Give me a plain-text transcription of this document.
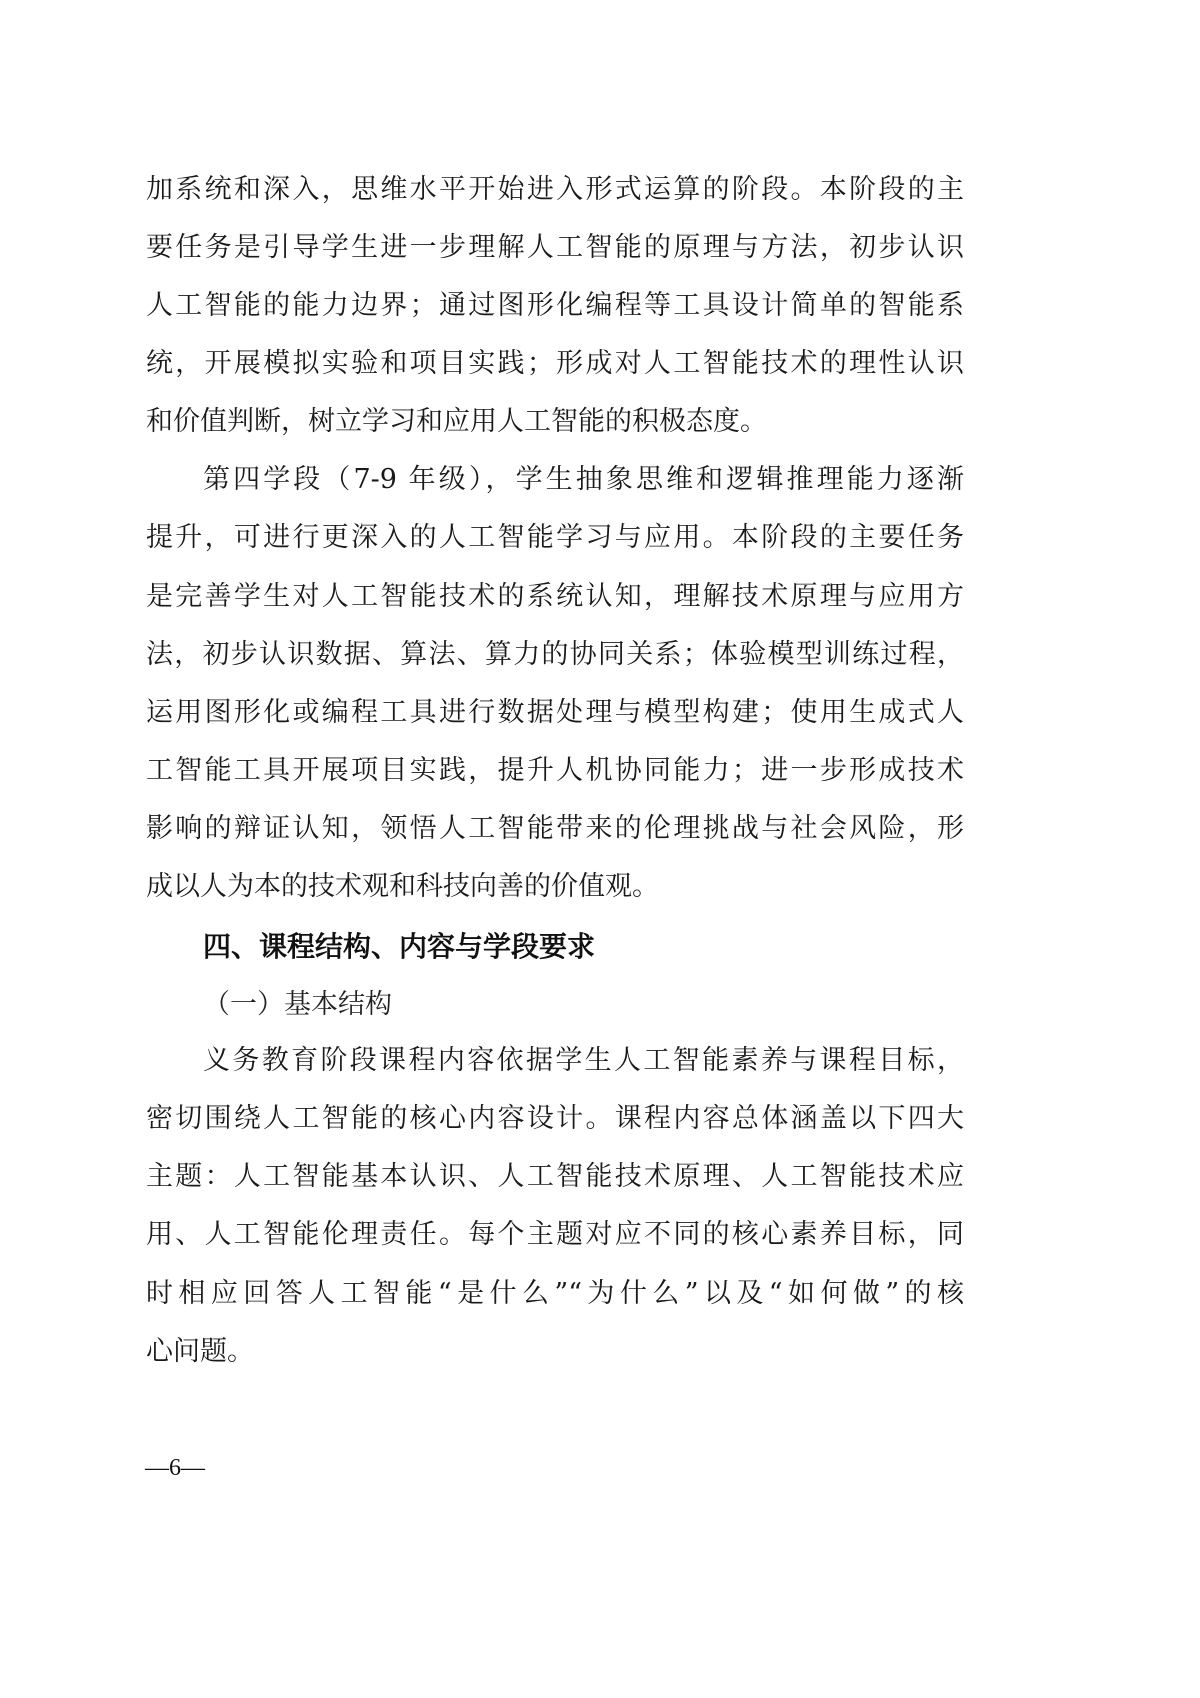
加系统和深入，思维水平开始进入形式运算的阶段。本阶段的主
要任务是引导学生进一步理解人工智能的原理与方法，初步认识
人工智能的能力边界；通过图形化编程等工具设计简单的智能系
统，开展模拟实验和项目实践；形成对人工智能技术的理性认识
和价值判断，树立学习和应用人工智能的积极态度。
第四学段（7-9 年级），学生抽象思维和逻辑推理能力逐渐
提升，可进行更深入的人工智能学习与应用。本阶段的主要任务
是完善学生对人工智能技术的系统认知，理解技术原理与应用方
法，初步认识数据、算法、算力的协同关系；体验模型训练过程，
运用图形化或编程工具进行数据处理与模型构建；使用生成式人
工智能工具开展项目实践，提升人机协同能力；进一步形成技术
影响的辩证认知，领悟人工智能带来的伦理挑战与社会风险，形
成以人为本的技术观和科技向善的价值观。
四、课程结构、内容与学段要求
（一）基本结构
义务教育阶段课程内容依据学生人工智能素养与课程目标，
密切围绕人工智能的核心内容设计。课程内容总体涵盖以下四大
主题：人工智能基本认识、人工智能技术原理、人工智能技术应
用、人工智能伦理责任。每个主题对应不同的核心素养目标，同
时相应回答人工智能“是什么”“为什么”以及“如何做”的核
心问题。
—6—
